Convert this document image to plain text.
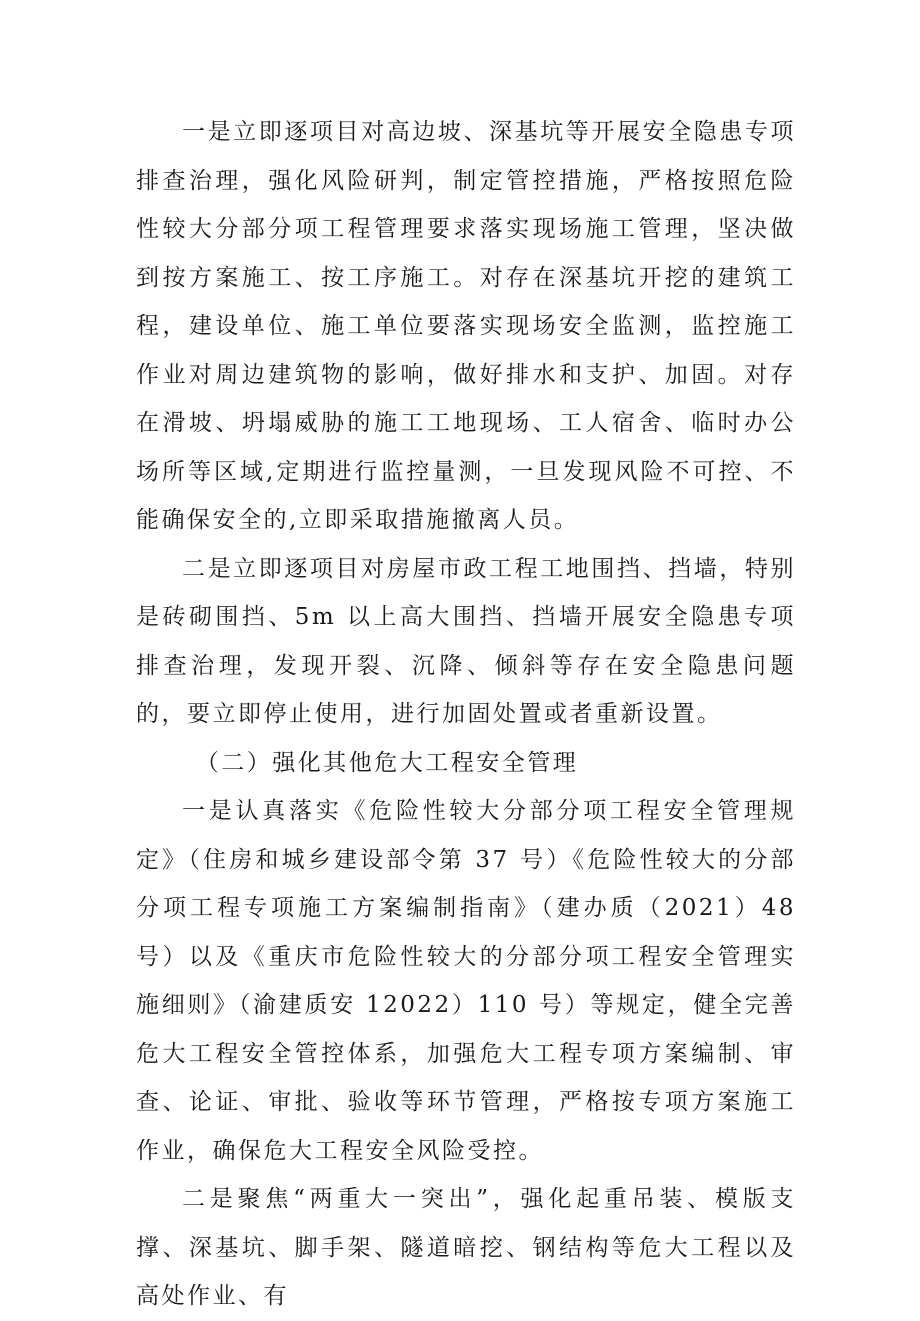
一是立即逐项目对高边坡、深基坑等开展安全隐患专项排查治理，强化风险研判，制定管控措施，严格按照危险性较大分部分项工程管理要求落实现场施工管理，坚决做到按方案施工、按工序施工。对存在深基坑开挖的建筑工程，建设单位、施工单位要落实现场安全监测，监控施工作业对周边建筑物的影响，做好排水和支护、加固。对存在滑坡、坍塌威胁的施工工地现场、工人宿舍、临时办公场所等区域,定期进行监控量测，一旦发现风险不可控、不能确保安全的,立即采取措施撤离人员。

二是立即逐项目对房屋市政工程工地围挡、挡墙，特别是砖砌围挡、5m 以上高大围挡、挡墙开展安全隐患专项排查治理，发现开裂、沉降、倾斜等存在安全隐患问题的，要立即停止使用，进行加固处置或者重新设置。

（二）强化其他危大工程安全管理

一是认真落实《危险性较大分部分项工程安全管理规定》（住房和城乡建设部令第 37 号）《危险性较大的分部分项工程专项施工方案编制指南》（建办质（2021）48 号）以及《重庆市危险性较大的分部分项工程安全管理实施细则》（渝建质安 12022）110 号）等规定，健全完善危大工程安全管控体系，加强危大工程专项方案编制、审查、论证、审批、验收等环节管理，严格按专项方案施工作业，确保危大工程安全风险受控。

二是聚焦“两重大一突出”，强化起重吊装、模版支撑、深基坑、脚手架、隧道暗挖、钢结构等危大工程以及高处作业、有
